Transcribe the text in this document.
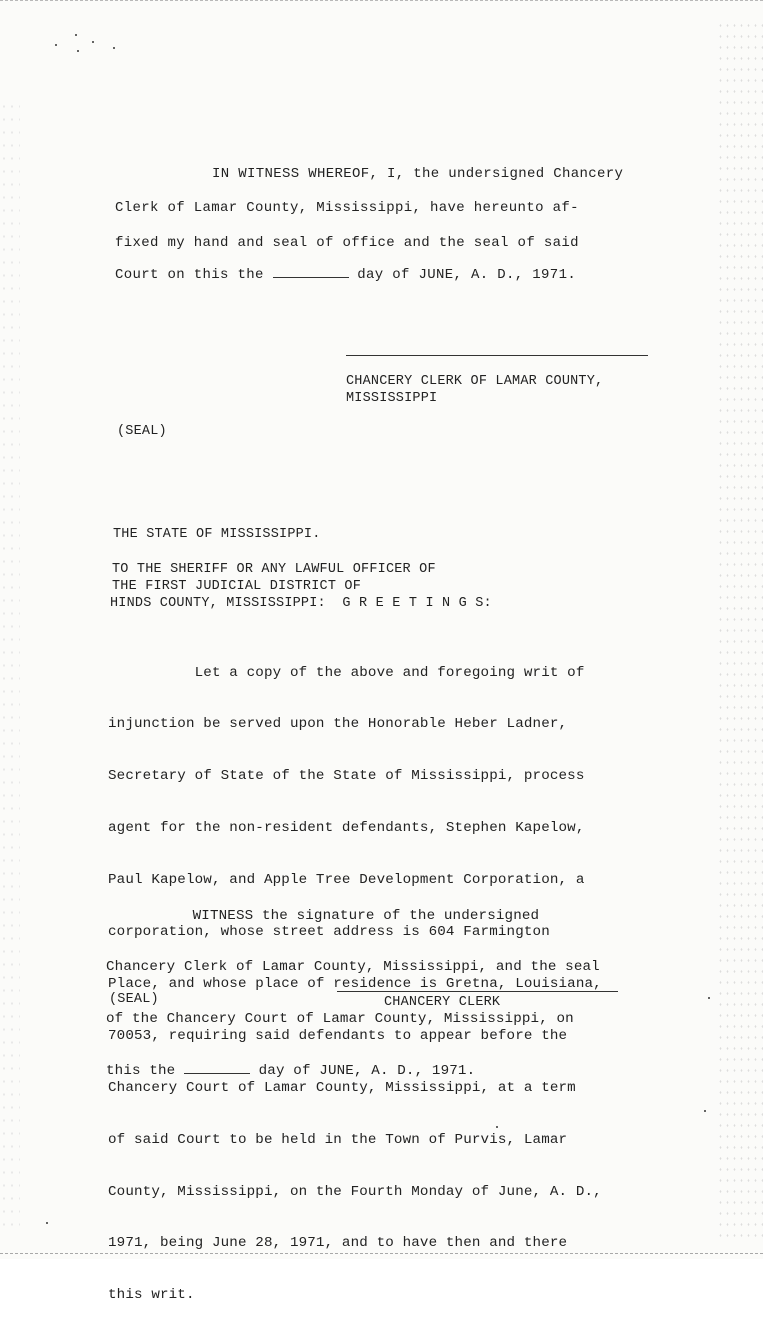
IN WITNESS WHEREOF, I, the undersigned Chancery

Clerk of Lamar County, Mississippi, have hereunto af-

fixed my hand and seal of office and the seal of said

Court on this the	day of JUNE, A. D., 1971.

CHANCERY CLERK OF LAMAR COUNTY,

MISSISSIPPI

(SEAL)

THE STATE OF MISSISSIPPI.

TO THE SHERIFF OR ANY LAWFUL OFFICER OF

THE FIRST JUDICIAL DISTRICT OF

HINDS COUNTY, MISSISSIPPI:  G R E E T I N G S:

Let a copy of the above and foregoing writ of

injunction be served upon the Honorable Heber Ladner,

Secretary of State of the State of Mississippi, process

agent for the non-resident defendants, Stephen Kapelow,

Paul Kapelow, and Apple Tree Development Corporation, a

corporation, whose street address is 604 Farmington

Place, and whose place of residence is Gretna, Louisiana,

70053, requiring said defendants to appear before the

Chancery Court of Lamar County, Mississippi, at a term

of said Court to be held in the Town of Purvis, Lamar

County, Mississippi, on the Fourth Monday of June, A. D.,

1971, being June 28, 1971, and to have then and there

this writ.

WITNESS the signature of the undersigned

Chancery Clerk of Lamar County, Mississippi, and the seal

of the Chancery Court of Lamar County, Mississippi, on

this the	day of JUNE, A. D., 1971.

(SEAL)	CHANCERY CLERK
